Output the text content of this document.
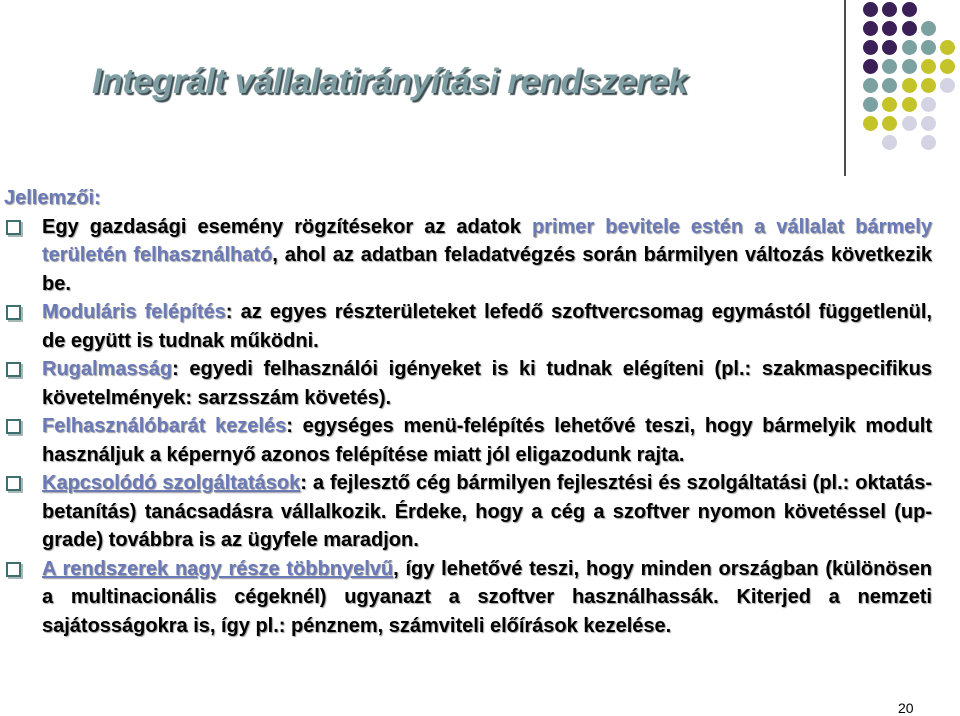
Integrált vállalatirányítási rendszerek
Jellemzői:
Egy gazdasági esemény rögzítésekor az adatok primer bevitele estén a vállalat bármely területén felhasználható, ahol az adatban feladatvégzés során bármilyen változás következik be.
Moduláris felépítés: az egyes részterületeket lefedő szoftvercsomag egymástól függetlenül, de együtt is tudnak működni.
Rugalmasság: egyedi felhasználói igényeket is ki tudnak elégíteni (pl.: szakmaspecifikus követelmények: sarzsszám követés).
Felhasználóbarát kezelés: egységes menü-felépítés lehetővé teszi, hogy bármelyik modult használjuk a képernyő azonos felépítése miatt jól eligazodunk rajta.
Kapcsolódó szolgáltatások: a fejlesztő cég bármilyen fejlesztési és szolgáltatási (pl.: oktatás-betanítás) tanácsadásra vállalkozik. Érdeke, hogy a cég a szoftver nyomon követéssel (up-grade) továbbra is az ügyfele maradjon.
A rendszerek nagy része többnyelvű, így lehetővé teszi, hogy minden országban (különösen a multinacionális cégeknél) ugyanazt a szoftver használhassák. Kiterjed a nemzeti sajátosságokra is, így pl.: pénznem, számviteli előírások kezelése.
20
